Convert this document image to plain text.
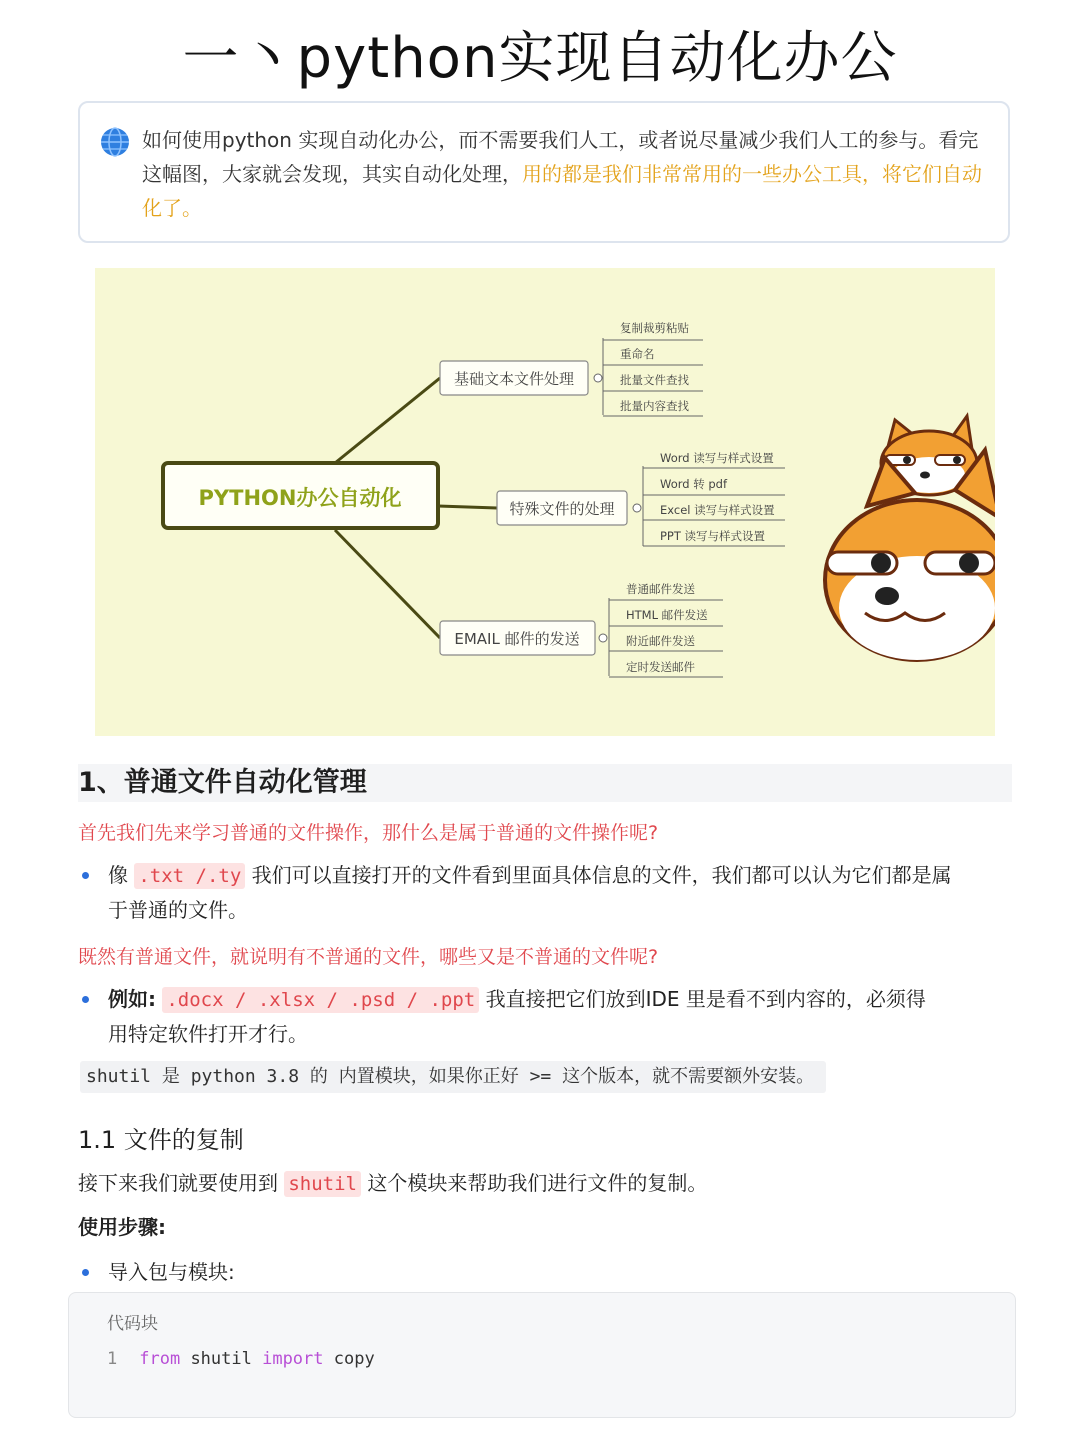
一丶python实现自动化办公
如何使用python 实现自动化办公，而不需要我们人工，或者说尽量减少我们人工的参与。看完这幅图，大家就会发现，其实自动化处理，用的都是我们非常常用的一些办公工具，将它们自动化了。
PYTHON办公自动化
基础文本文件处理
复制裁剪粘贴
重命名
批量文件查找
批量内容查找
特殊文件的处理
Word 读写与样式设置
Word 转 pdf
Excel 读写与样式设置
PPT 读写与样式设置
EMAIL 邮件的发送
普通邮件发送
HTML 邮件发送
附近邮件发送
定时发送邮件
1、普通文件自动化管理
首先我们先来学习普通的文件操作，那什么是属于普通的文件操作呢?
像 .txt /.ty 我们可以直接打开的文件看到里面具体信息的文件，我们都可以认为它们都是属
于普通的文件。
既然有普通文件，就说明有不普通的文件，哪些又是不普通的文件呢?
例如: .docx / .xlsx / .psd / .ppt 我直接把它们放到IDE 里是看不到内容的，必须得
用特定软件打开才行。
shutil 是 python 3.8 的 内置模块，如果你正好 >= 这个版本，就不需要额外安装。
1.1 文件的复制
接下来我们就要使用到 shutil 这个模块来帮助我们进行文件的复制。
使用步骤:
导入包与模块:
代码块
1 from shutil import copy
